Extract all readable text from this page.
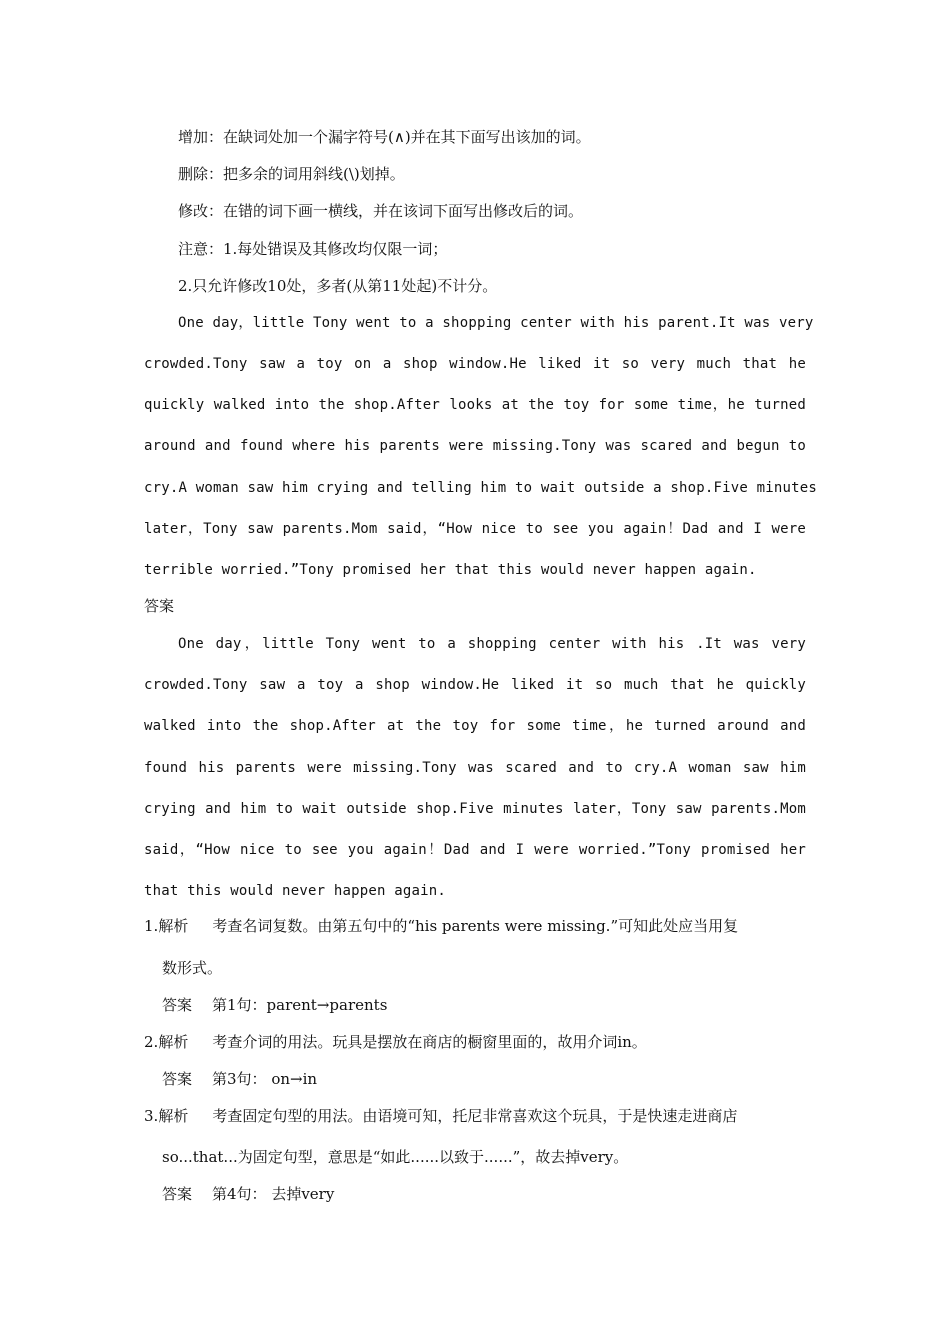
增加：在缺词处加一个漏字符号(∧)并在其下面写出该加的词。
删除：把多余的词用斜线(\)划掉。
修改：在错的词下画一横线，并在该词下面写出修改后的词。
注意：1.每处错误及其修改均仅限一词；
2.只允许修改10处，多者(从第11处起)不计分。
One day，little Tony went to a shopping center with his parent.It was very
crowded.Tony saw a toy on a shop window.He liked it so very much that he
quickly walked into the shop.After looks at the toy for some time，he turned
around and found where his parents were missing.Tony was scared and begun to
cry.A woman saw him crying and telling him to wait outside a shop.Five minutes
later，Tony saw parents.Mom said，“How nice to see you again！Dad and I were
terrible worried.”Tony promised her that this would never happen again.
答案
One day，little Tony went to a shopping center with his .It was very
crowded.Tony saw a toy a shop window.He liked it so much that he quickly
walked into the shop.After at the toy for some time，he turned around and
found his parents were missing.Tony was scared and to cry.A woman saw him
crying and him to wait outside shop.Five minutes later，Tony saw parents.Mom
said，“How nice to see you again！Dad and I were worried.”Tony promised her
that this would never happen again.
1.解析 考查名词复数。由第五句中的“his parents were missing.”可知此处应当用复
数形式。
答案 第1句：parent→parents
2.解析 考查介词的用法。玩具是摆放在商店的橱窗里面的，故用介词in。
答案 第3句： on→in
3.解析 考查固定句型的用法。由语境可知，托尼非常喜欢这个玩具，于是快速走进商店
so...that...为固定句型，意思是“如此......以致于......”，故去掉very。
答案 第4句： 去掉very
